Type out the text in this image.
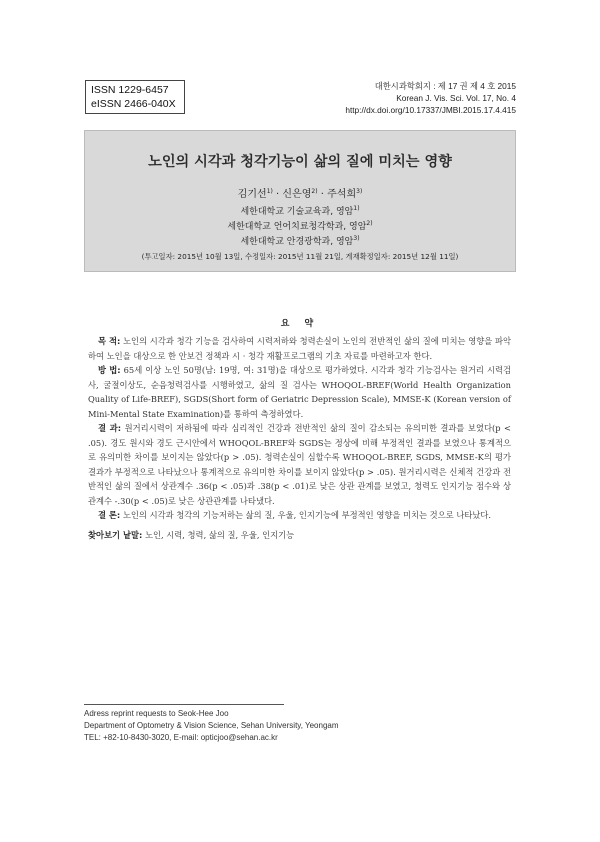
ISSN 1229-6457
eISSN 2466-040X
대한시과학회지 : 제 17 권 제 4 호 2015
Korean J. Vis. Sci. Vol. 17, No. 4
http://dx.doi.org/10.17337/JMBI.2015.17.4.415
노인의 시각과 청각기능이 삶의 질에 미치는 영향
김기선$^{1)}$ · 신은영$^{2)}$ · 주석희$^{3)}$
세한대학교 기술교육과, 영암$^{1)}$
세한대학교 언어치료청각학과, 영암$^{2)}$
세한대학교 안경광학과, 영암$^{3)}$
(투고일자: 2015년 10월 13일, 수정일자: 2015년 11월 21일, 게재확정일자: 2015년 12월 11일)
요 약

목 적: 노인의 시각과 청각 기능을 검사하여 시력저하와 청력손실이 노인의 전반적인 삶의 질에 미치는 영향을 파악하여 노인을 대상으로 한 안보건 정책과 시 · 청각 재활프로그램의 기초 자료를 마련하고자 한다.

방 법: 65세 이상 노인 50명(남: 19명, 여: 31명)을 대상으로 평가하였다. 시각과 청각 기능검사는 원거리 시력검사, 굴절이상도, 순음청력검사를 시행하였고, 삶의 질 검사는 WHOQOL-BREF(World Health Organization Quality of Life-BREF), SGDS(Short form of Geriatric Depression Scale), MMSE-K (Korean version of Mini-Mental State Examination)를 통하여 측정하였다.

결 과: 원거리시력이 저하됨에 따라 심리적인 건강과 전반적인 삶의 질이 감소되는 유의미한 결과를 보였다(p < .05). 경도 원시와 경도 근시안에서 WHOQOL-BREF와 SGDS는 정상에 비해 부정적인 결과를 보였으나 통계적으로 유의미한 차이를 보이지는 않았다(p > .05). 청력손실이 심할수록 WHOQOL-BREF, SGDS, MMSE-K의 평가 결과가 부정적으로 나타났으나 통계적으로 유의미한 차이를 보이지 않았다(p > .05). 원거리시력은 신체적 건강과 전반적인 삶의 질에서 상관계수 .36(p < .05)과 .38(p < .01)로 낮은 상관 관계를 보였고, 청력도 인지기능 점수와 상관계수 -.30(p < .05)로 낮은 상관관계를 나타냈다.

결 론: 노인의 시각과 청각의 기능저하는 삶의 질, 우울, 인지기능에 부정적인 영향을 미치는 것으로 나타났다.

찾아보기 낱말: 노인, 시력, 청력, 삶의 질, 우울, 인지기능
Adress reprint requests to Seok-Hee Joo
Department of Optometry & Vision Science, Sehan University, Yeongam
TEL: +82-10-8430-3020, E-mail: opticjoo@sehan.ac.kr
